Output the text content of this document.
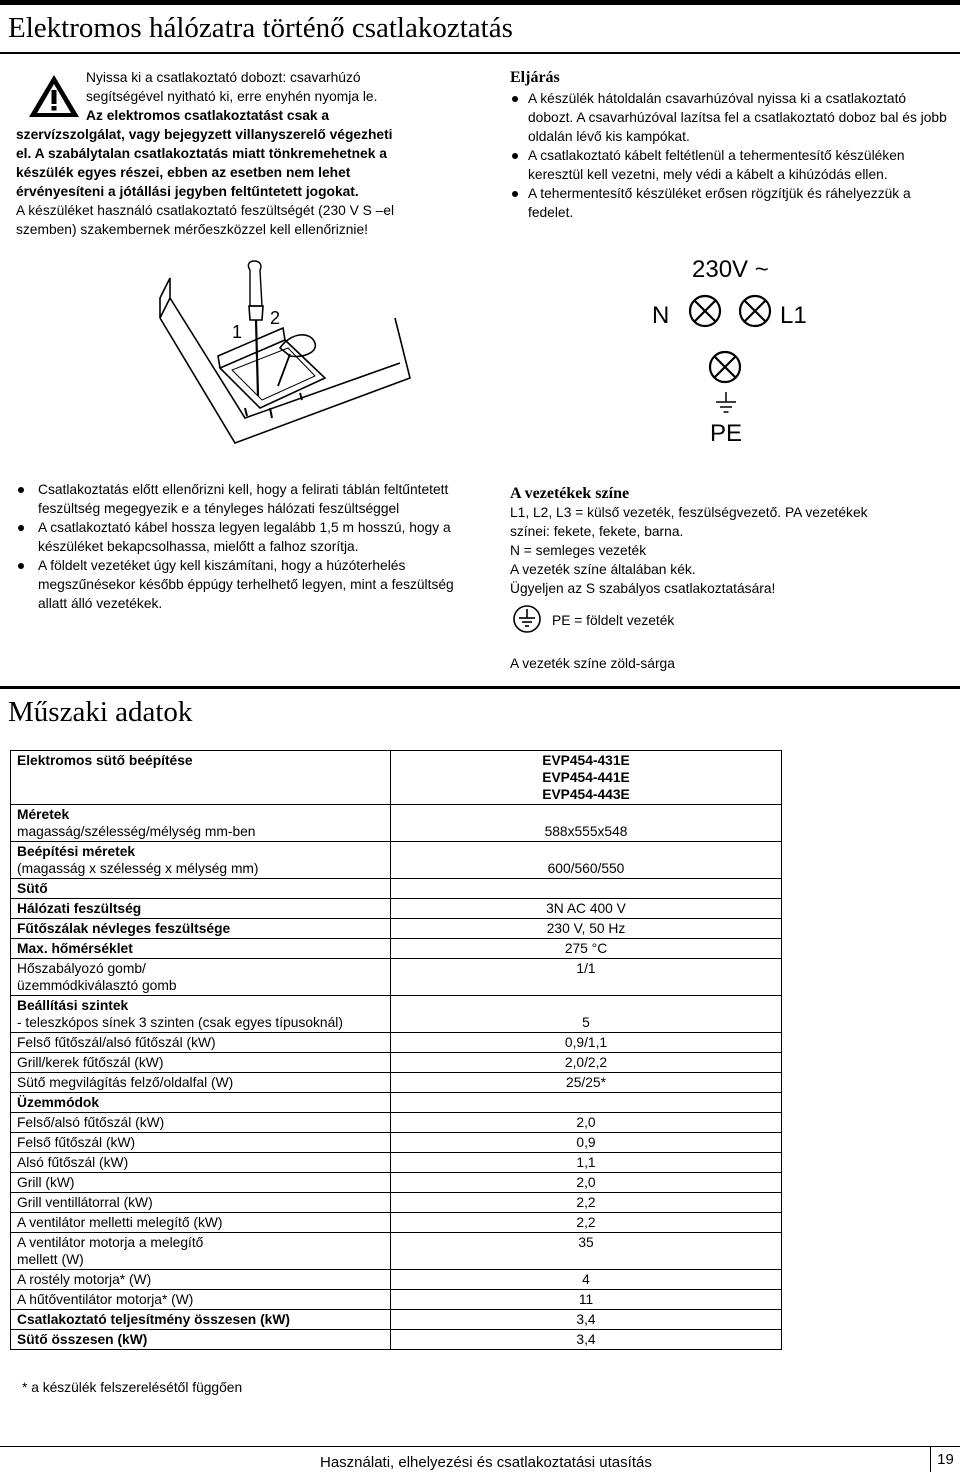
Elektromos hálózatra történő csatlakoztatás

Nyissa ki a csatlakoztató dobozt: csavarhúzó

segítségével nyitható ki, erre enyhén nyomja le.

Az elektromos csatlakoztatást csak a

szervízszolgálat, vagy bejegyzett villanyszerelő végezheti

el. A szabálytalan csatlakoztatás miatt tönkremehetnek a

készülék egyes részei, ebben az esetben nem lehet

érvényesíteni a jótállási jegyben feltűntetett jogokat.

A készüléket használó csatlakoztató feszültségét (230 V S –el

szemben) szakembernek mérőeszközzel kell ellenőriznie!

Eljárás
A készülék hátoldalán csavarhúzóval nyissa ki a csatlakoztató dobozt. A csavarhúzóval lazítsa fel a csatlakoztató doboz bal és jobb oldalán lévő kis kampókat.
A csatlakoztató kábelt feltétlenül a tehermentesítő készüléken keresztül kell vezetni, mely védi a kábelt a kihúzódás ellen.
A tehermentesítő készüléket erősen rögzítjük és ráhelyezzük a fedelet.
1
2
230V ~
N	L1
PE
Csatlakoztatás előtt ellenőrizni kell, hogy a felirati táblán feltűntetett feszültség megegyezik e a tényleges hálózati feszültséggel
A csatlakoztató kábel hossza legyen legalább 1,5 m hosszú, hogy a készüléket bekapcsolhassa, mielőtt a falhoz szorítja.
A földelt vezetéket úgy kell kiszámítani, hogy a húzóterhelés megszűnésekor később éppúgy terhelhető legyen, mint a feszültség allatt álló vezetékek.
A vezetékek színe
L1, L2, L3 = külső vezeték, feszülségvezető. PA vezetékek
színei: fekete, fekete, barna.
N = semleges vezeték
A vezeték színe általában kék.
Ügyeljen az S szabályos csatlakoztatására!
PE = földelt vezeték
A vezeték színe zöld-sárga
Műszaki adatok
Elektromos sütő beépítése	EVP454-431E
EVP454-441E
EVP454-443E

Méretek
magasság/szélesség/mélység mm-ben	588x555x548

Beépítési méretek
(magasság x szélesség x mélység mm)	600/560/550
Sütő	
Hálózati feszültség	3N AC 400 V
Fűtőszálak névleges feszültsége	230 V, 50 Hz
Max. hőmérséklet	275 °C

Hőszabályozó gomb/
üzemmódkiválasztó gomb	1/1

Beállítási szintek
- teleszkópos sínek 3 szinten (csak egyes típusoknál)	5
Felső fűtőszál/alsó fűtőszál (kW)	0,9/1,1
Grill/kerek fűtőszál (kW)	2,0/2,2
Sütő megvilágítás felző/oldalfal (W)	25/25*
Üzemmódok	
Felső/alsó fűtőszál (kW)	2,0
Felső fűtőszál (kW)	0,9
Alsó fűtőszál (kW)	1,1
Grill (kW)	2,0
Grill ventillátorral (kW)	2,2
A ventilátor melletti melegítő (kW)	2,2

A ventilátor motorja a melegítő
mellett (W)	35
A rostély motorja* (W)	4
A hűtőventilátor motorja* (W)	11
Csatlakoztató teljesítmény összesen (kW)	3,4
Sütő összesen (kW)	3,4
* a készülék felszerelésétől függően
Használati, elhelyezési és csatlakoztatási utasítás	19
